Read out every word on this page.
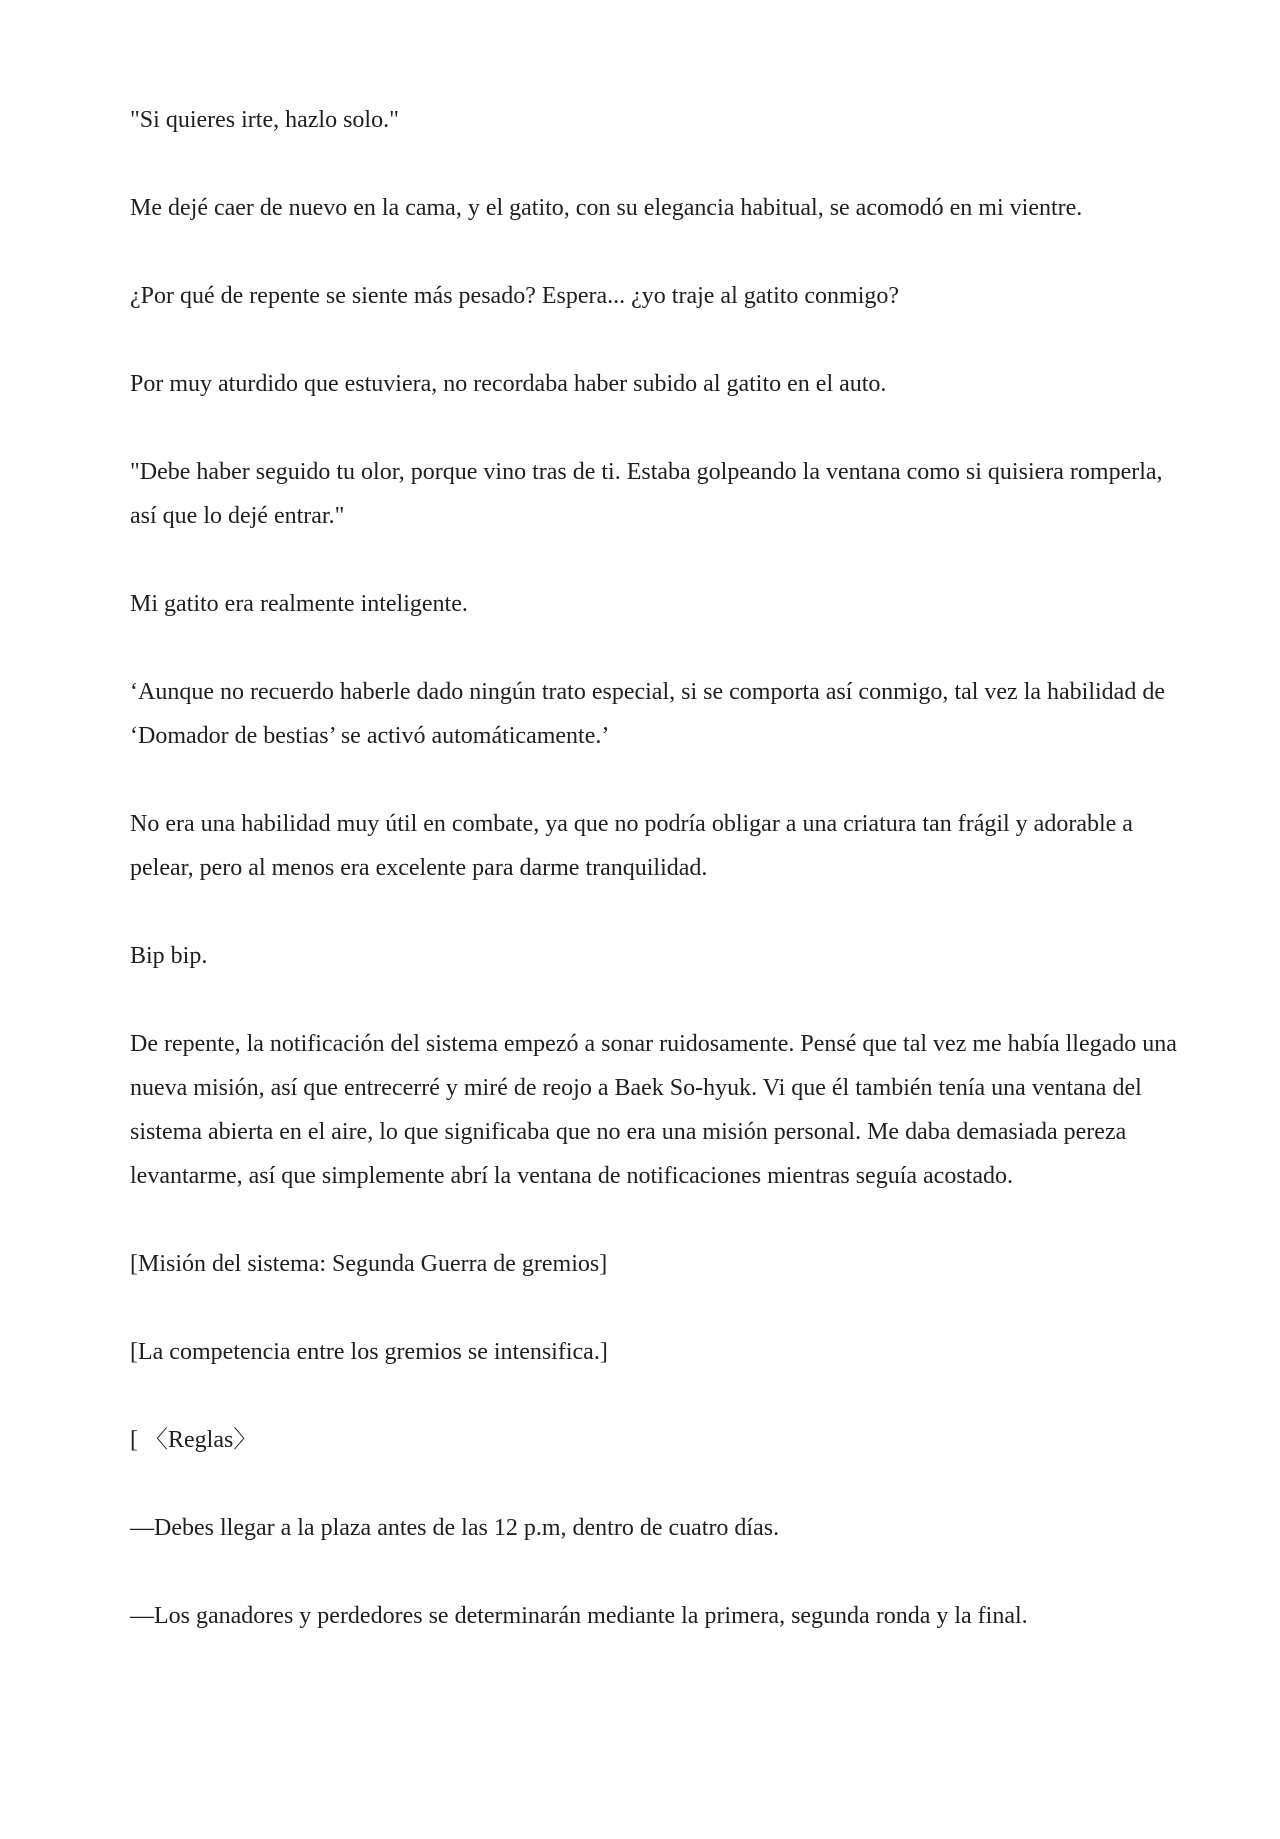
"Si quieres irte, hazlo solo."

Me dejé caer de nuevo en la cama, y el gatito, con su elegancia habitual, se acomodó en mi vientre.

¿Por qué de repente se siente más pesado? Espera... ¿yo traje al gatito conmigo?

Por muy aturdido que estuviera, no recordaba haber subido al gatito en el auto.

"Debe haber seguido tu olor, porque vino tras de ti. Estaba golpeando la ventana como si quisiera romperla, así que lo dejé entrar."

Mi gatito era realmente inteligente.

‘Aunque no recuerdo haberle dado ningún trato especial, si se comporta así conmigo, tal vez la habilidad de ‘Domador de bestias’ se activó automáticamente.’

No era una habilidad muy útil en combate, ya que no podría obligar a una criatura tan frágil y adorable a pelear, pero al menos era excelente para darme tranquilidad.

Bip bip.

De repente, la notificación del sistema empezó a sonar ruidosamente. Pensé que tal vez me había llegado una nueva misión, así que entrecerré y miré de reojo a Baek So-hyuk. Vi que él también tenía una ventana del sistema abierta en el aire, lo que significaba que no era una misión personal. Me daba demasiada pereza levantarme, así que simplemente abrí la ventana de notificaciones mientras seguía acostado.

[Misión del sistema: Segunda Guerra de gremios]

[La competencia entre los gremios se intensifica.]

[ 〈Reglas〉

—Debes llegar a la plaza antes de las 12 p.m, dentro de cuatro días.

—Los ganadores y perdedores se determinarán mediante la primera, segunda ronda y la final.
